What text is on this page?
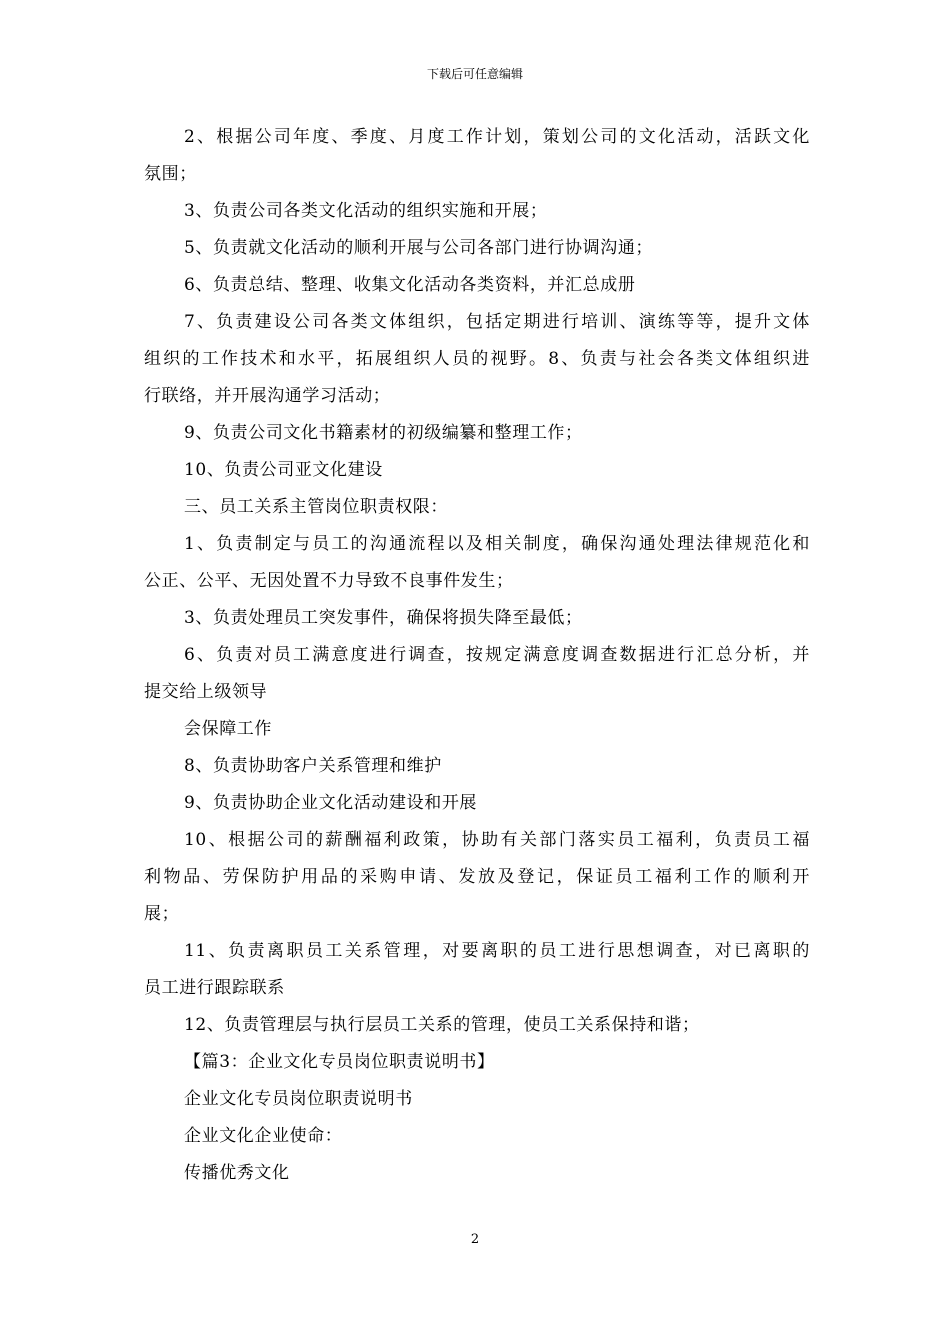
下载后可任意编辑
2、根据公司年度、季度、月度工作计划，策划公司的文化活动，活跃文化
氛围；
3、负责公司各类文化活动的组织实施和开展；
5、负责就文化活动的顺利开展与公司各部门进行协调沟通；
6、负责总结、整理、收集文化活动各类资料，并汇总成册
7、负责建设公司各类文体组织，包括定期进行培训、演练等等，提升文体
组织的工作技术和水平，拓展组织人员的视野。8、负责与社会各类文体组织进
行联络，并开展沟通学习活动；
9、负责公司文化书籍素材的初级编纂和整理工作；
10、负责公司亚文化建设
三、员工关系主管岗位职责权限：
1、负责制定与员工的沟通流程以及相关制度，确保沟通处理法律规范化和
公正、公平、无因处置不力导致不良事件发生；
3、负责处理员工突发事件，确保将损失降至最低；
6、负责对员工满意度进行调查，按规定满意度调查数据进行汇总分析，并
提交给上级领导
会保障工作
8、负责协助客户关系管理和维护
9、负责协助企业文化活动建设和开展
10、根据公司的薪酬福利政策，协助有关部门落实员工福利，负责员工福
利物品、劳保防护用品的采购申请、发放及登记，保证员工福利工作的顺利开
展；
11、负责离职员工关系管理，对要离职的员工进行思想调查，对已离职的
员工进行跟踪联系
12、负责管理层与执行层员工关系的管理，使员工关系保持和谐；
【篇3：企业文化专员岗位职责说明书】
企业文化专员岗位职责说明书
企业文化企业使命：
传播优秀文化
2
